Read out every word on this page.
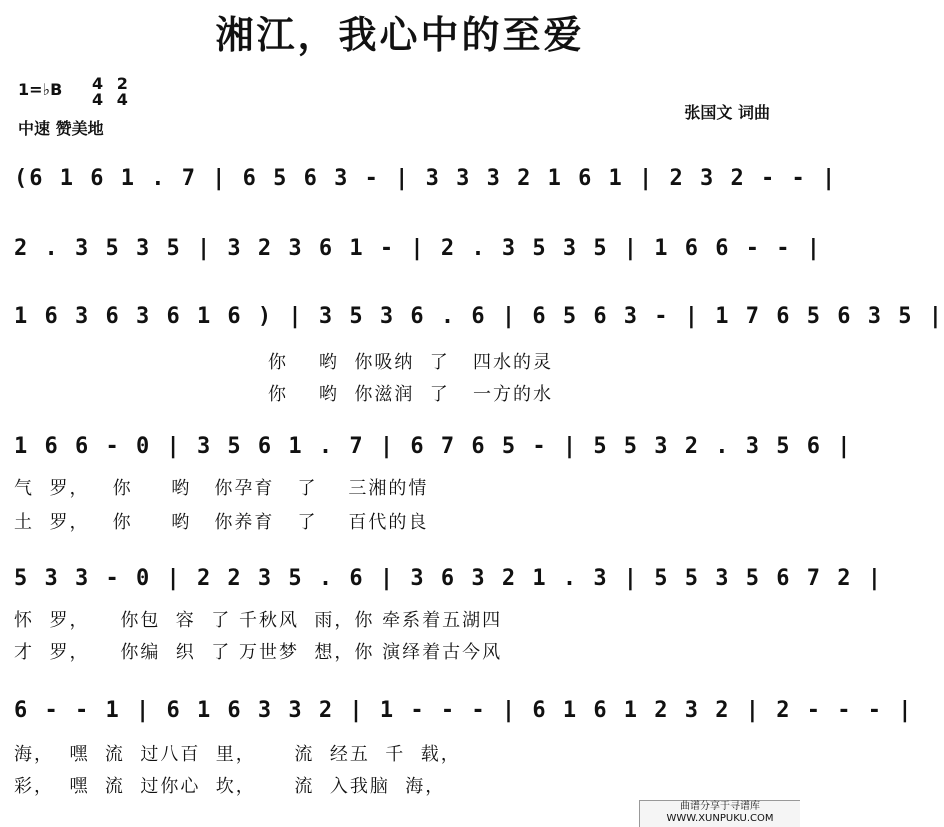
湘江，我心中的至爱
1=♭B 4
4 2
4
中速 赞美地
张国文 词曲
(6 1 6 1 . 7 | 6 5 6 3 - | 3 3 3 2 1 6 1 | 2 3 2 - - |
2 . 3 5 3 5 | 3 2 3 6 1 - | 2 . 3 5 3 5 | 1 6 6 - - |
1 6 3 6 3 6 1 6 ) | 3 5 3 6 . 6 | 6 5 6 3 - | 1 7 6 5 6 3 5 |
你    哟  你吸纳  了   四水的灵
你    哟  你滋润  了   一方的水
1 6 6 - 0 | 3 5 6 1 . 7 | 6 7 6 5 - | 5 5 3 2 . 3 5 6 |
气  罗，   你     哟   你孕育   了    三湘的情
土  罗，   你     哟   你养育   了    百代的良
5 3 3 - 0 | 2 2 3 5 . 6 | 3 6 3 2 1 . 3 | 5 5 3 5 6 7 2 |
怀  罗，    你包  容  了 千秋风  雨，你 牵系着五湖四
才  罗，    你编  织  了 万世梦  想，你 演绎着古今风
6 - - 1 | 6 1 6 3 3 2 | 1 - - - | 6 1 6 1 2 3 2 | 2 - - - |
海，  嘿  流  过八百  里，     流  经五  千  载，
彩，  嘿  流  过你心  坎，     流  入我脑  海，
曲谱分享于寻谱库
WWW.XUNPUKU.COM
